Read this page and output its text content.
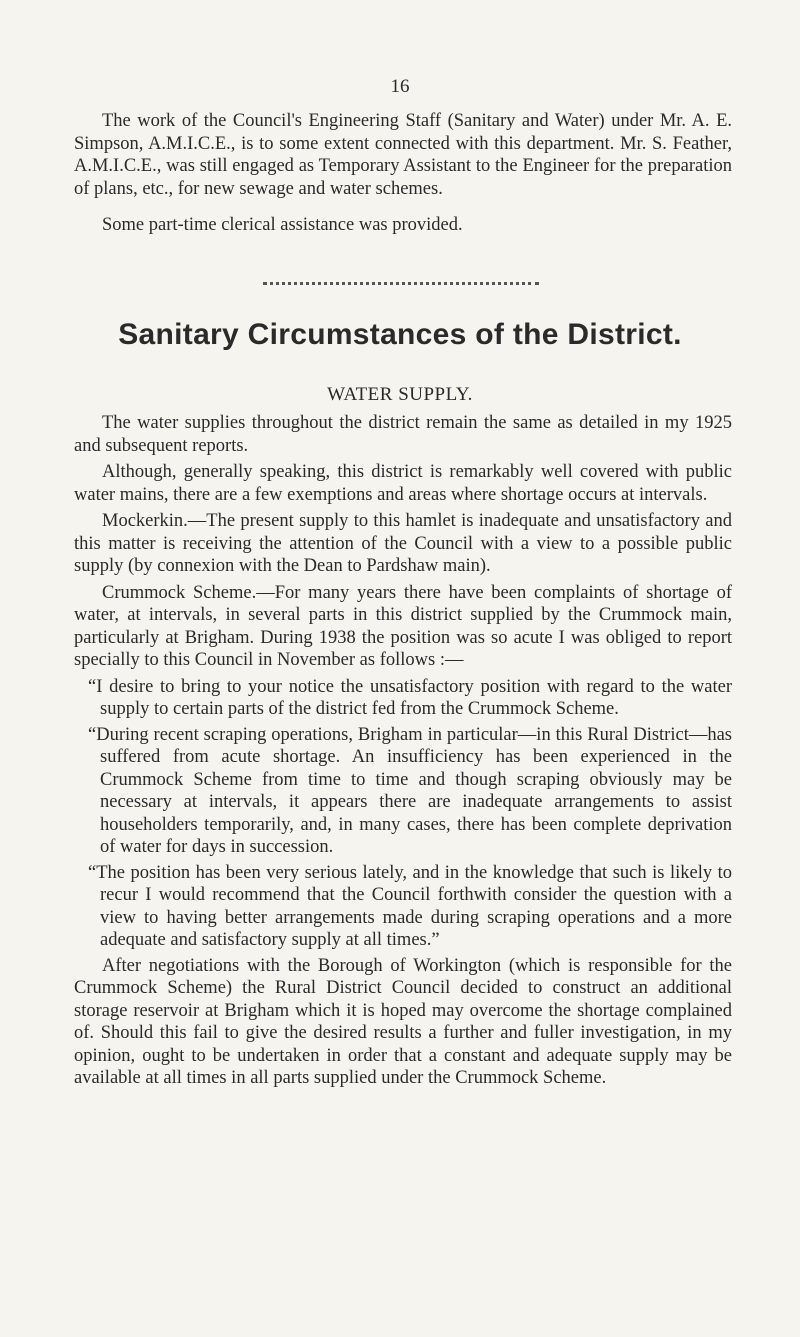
16

The work of the Council's Engineering Staff (Sanitary and Water) under Mr. A. E. Simpson, A.M.I.C.E., is to some extent connected with this department. Mr. S. Feather, A.M.I.C.E., was still engaged as Temporary Assistant to the Engineer for the preparation of plans, etc., for new sewage and water schemes.

Some part-time clerical assistance was provided.

Sanitary Circumstances of the District.
WATER SUPPLY.

The water supplies throughout the district remain the same as detailed in my 1925 and subsequent reports.

Although, generally speaking, this district is remarkably well covered with public water mains, there are a few exemptions and areas where shortage occurs at intervals.

Mockerkin.—The present supply to this hamlet is inadequate and unsatisfactory and this matter is receiving the attention of the Council with a view to a possible public supply (by connexion with the Dean to Pardshaw main).

Crummock Scheme.—For many years there have been complaints of shortage of water, at intervals, in several parts in this district supplied by the Crummock main, particularly at Brigham. During 1938 the position was so acute I was obliged to report specially to this Council in November as follows :—

“I desire to bring to your notice the unsatisfactory position with regard to the water supply to certain parts of the district fed from the Crummock Scheme.

“During recent scraping operations, Brigham in particular—in this Rural District—has suffered from acute shortage. An insufficiency has been experienced in the Crummock Scheme from time to time and though scraping obviously may be necessary at intervals, it appears there are inadequate arrangements to assist householders temporarily, and, in many cases, there has been complete deprivation of water for days in succession.

“The position has been very serious lately, and in the knowledge that such is likely to recur I would recommend that the Council forthwith consider the question with a view to having better arrangements made during scraping operations and a more adequate and satisfactory supply at all times.”

After negotiations with the Borough of Workington (which is responsible for the Crummock Scheme) the Rural District Council decided to construct an additional storage reservoir at Brigham which it is hoped may overcome the shortage complained of. Should this fail to give the desired results a further and fuller investigation, in my opinion, ought to be undertaken in order that a constant and adequate supply may be available at all times in all parts supplied under the Crummock Scheme.
